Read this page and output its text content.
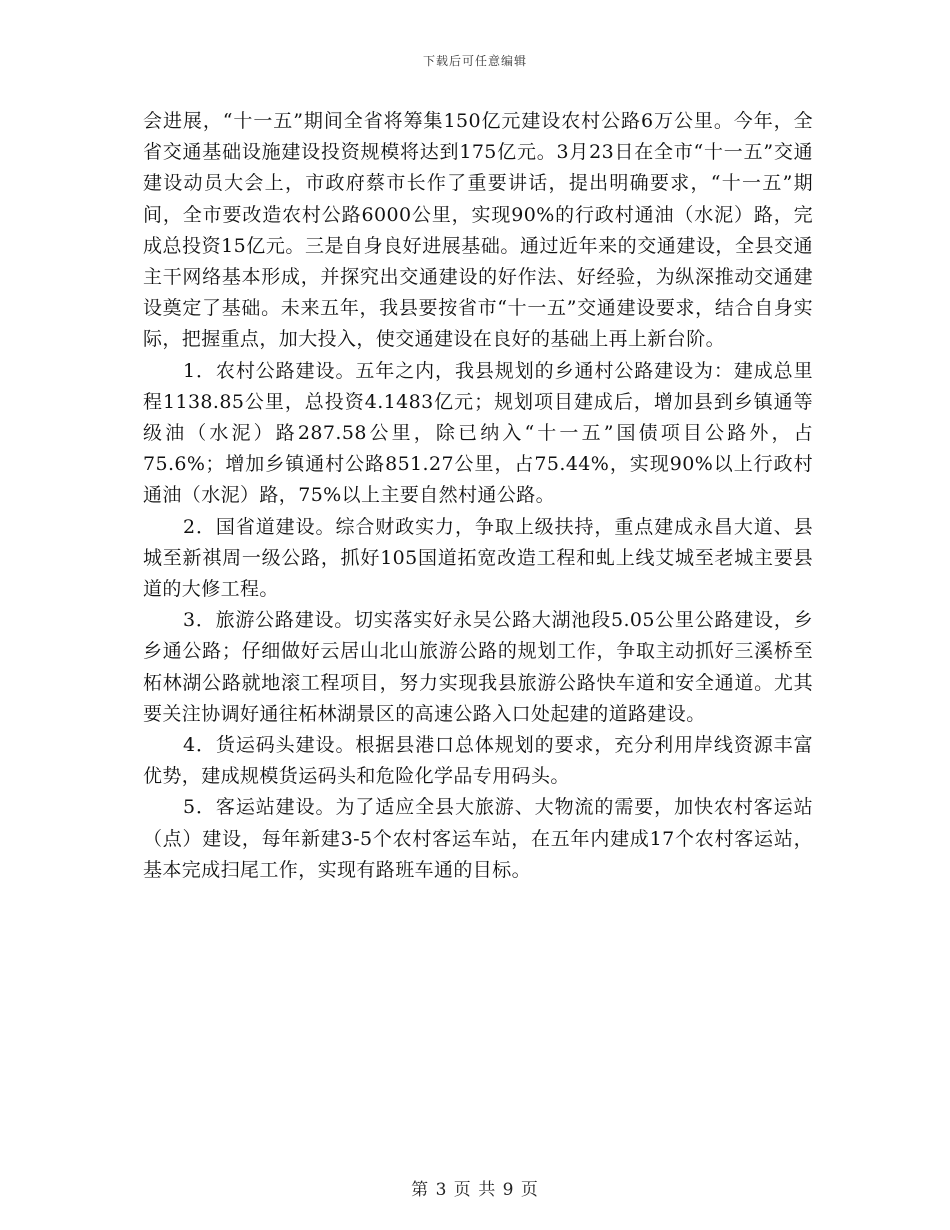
下载后可任意编辑

会进展，“十一五”期间全省将筹集150亿元建设农村公路6万公里。今年，全省交通基础设施建设投资规模将达到175亿元。3月23日在全市“十一五”交通建设动员大会上，市政府蔡市长作了重要讲话，提出明确要求，“十一五”期间，全市要改造农村公路6000公里，实现90%的行政村通油（水泥）路，完成总投资15亿元。三是自身良好进展基础。通过近年来的交通建设，全县交通主干网络基本形成，并探究出交通建设的好作法、好经验，为纵深推动交通建设奠定了基础。未来五年，我县要按省市“十一五”交通建设要求，结合自身实际，把握重点，加大投入，使交通建设在良好的基础上再上新台阶。

1．农村公路建设。五年之内，我县规划的乡通村公路建设为：建成总里程1138.85公里，总投资4.1483亿元；规划项目建成后，增加县到乡镇通等级油（水泥）路287.58公里，除已纳入“十一五”国债项目公路外，占75.6%；增加乡镇通村公路851.27公里，占75.44%，实现90%以上行政村通油（水泥）路，75%以上主要自然村通公路。

2．国省道建设。综合财政实力，争取上级扶持，重点建成永昌大道、县城至新祺周一级公路，抓好105国道拓宽改造工程和虬上线艾城至老城主要县道的大修工程。

3．旅游公路建设。切实落实好永吴公路大湖池段5.05公里公路建设，乡乡通公路；仔细做好云居山北山旅游公路的规划工作，争取主动抓好三溪桥至柘林湖公路就地滚工程项目，努力实现我县旅游公路快车道和安全通道。尤其要关注协调好通往柘林湖景区的高速公路入口处起建的道路建设。

4．货运码头建设。根据县港口总体规划的要求，充分利用岸线资源丰富优势，建成规模货运码头和危险化学品专用码头。

5．客运站建设。为了适应全县大旅游、大物流的需要，加快农村客运站（点）建设，每年新建3-5个农村客运车站，在五年内建成17个农村客运站，基本完成扫尾工作，实现有路班车通的目标。

第 3 页 共 9 页
